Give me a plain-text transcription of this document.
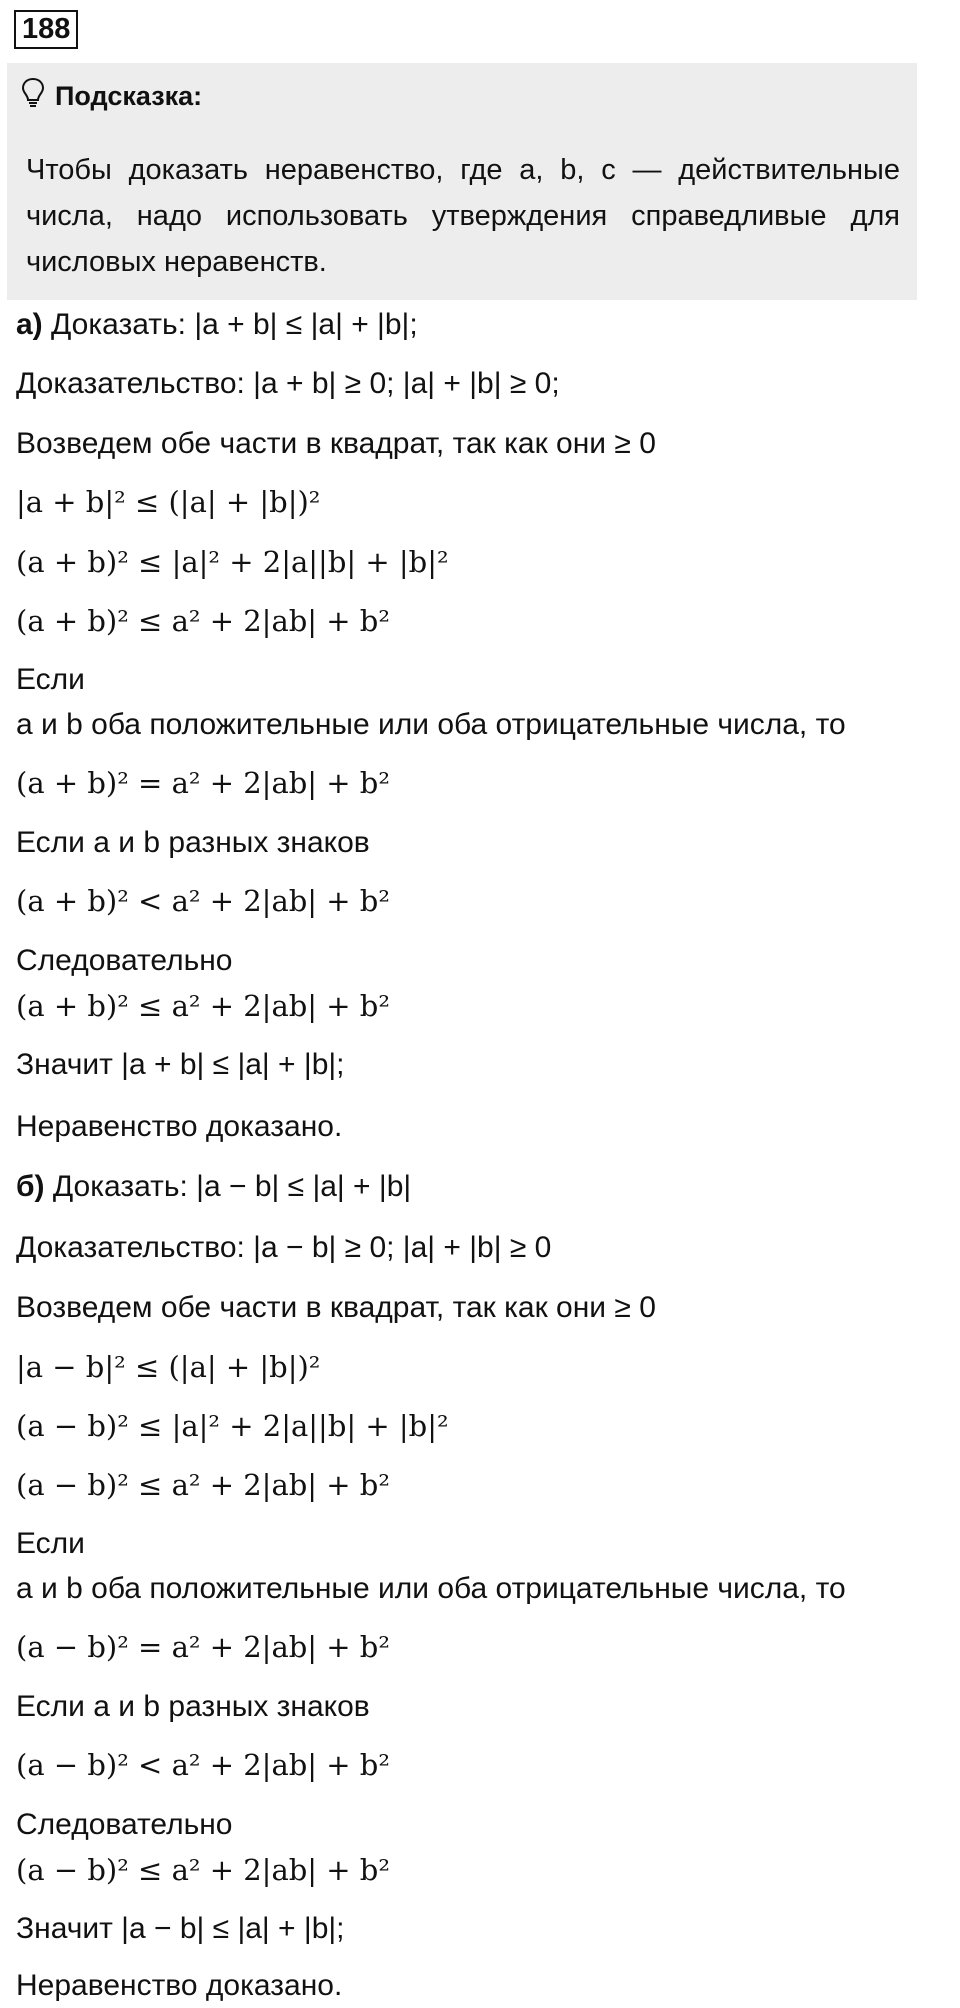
188
Подсказка:
Чтобы доказать неравенство, где a, b, c — действительные числа, надо использовать утверждения справедливые для числовых неравенств.
а) Доказать: |a + b| ≤ |a| + |b|;
Доказательство: |a + b| ≥ 0; |a| + |b| ≥ 0;
Возведем обе части в квадрат, так как они ≥ 0
|a + b|² ≤ (|a| + |b|)²
(a + b)² ≤ |a|² + 2|a||b| + |b|²
(a + b)² ≤ a² + 2|ab| + b²
Если
a и b оба положительные или оба отрицательные числа, то
(a + b)² = a² + 2|ab| + b²
Если a и b разных знаков
(a + b)² < a² + 2|ab| + b²
Следовательно
(a + b)² ≤ a² + 2|ab| + b²
Значит |a + b| ≤ |a| + |b|;
Неравенство доказано.
б) Доказать: |a − b| ≤ |a| + |b|
Доказательство: |a − b| ≥ 0; |a| + |b| ≥ 0
Возведем обе части в квадрат, так как они ≥ 0
|a − b|² ≤ (|a| + |b|)²
(a − b)² ≤ |a|² + 2|a||b| + |b|²
(a − b)² ≤ a² + 2|ab| + b²
Если
a и b оба положительные или оба отрицательные числа, то
(a − b)² = a² + 2|ab| + b²
Если a и b разных знаков
(a − b)² < a² + 2|ab| + b²
Следовательно
(a − b)² ≤ a² + 2|ab| + b²
Значит |a − b| ≤ |a| + |b|;
Неравенство доказано.
